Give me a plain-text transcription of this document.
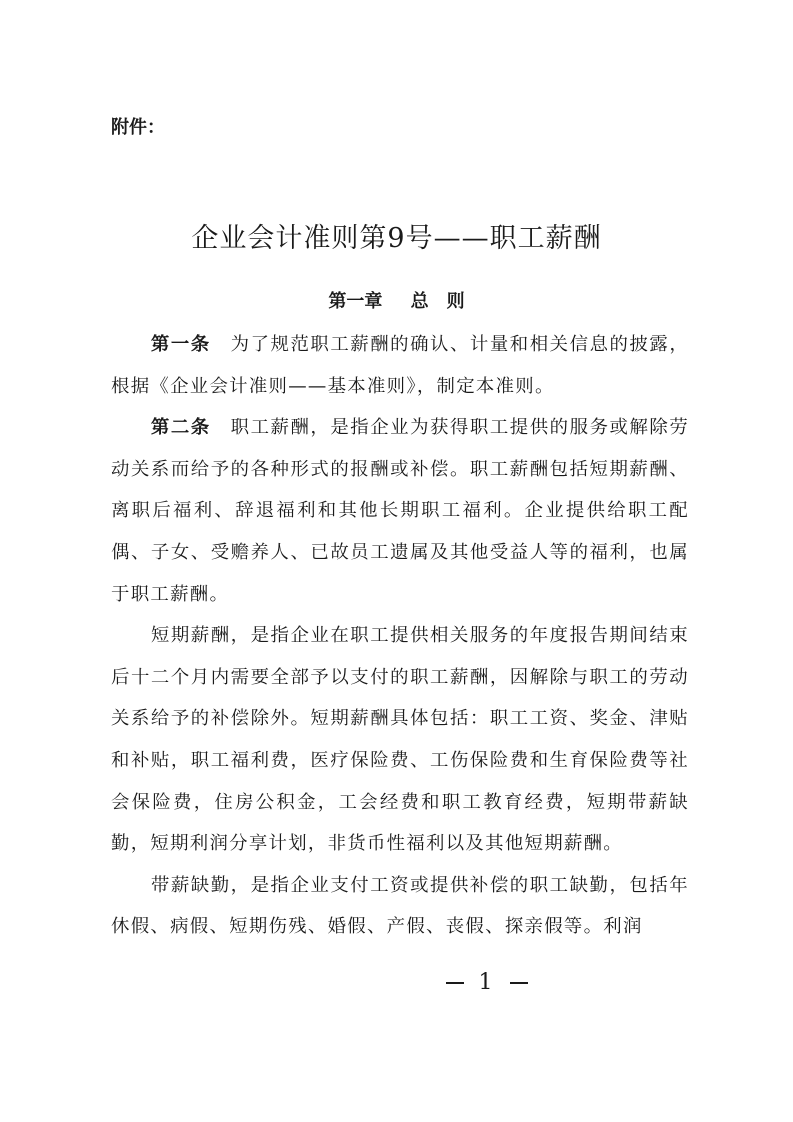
附件：

企业会计准则第9号——职工薪酬
第一章 总　则

　　第一条　 为了规范职工薪酬的确认、计量和相关信息的披露，根据《企业会计准则——基本准则》，制定本准则。

　　第二条　 职工薪酬，是指企业为获得职工提供的服务或解除劳动关系而给予的各种形式的报酬或补偿。职工薪酬包括短期薪酬、离职后福利、辞退福利和其他长期职工福利。企业提供给职工配偶、子女、受赡养人、已故员工遗属及其他受益人等的福利，也属于职工薪酬。

　　短期薪酬，是指企业在职工提供相关服务的年度报告期间结束后十二个月内需要全部予以支付的职工薪酬，因解除与职工的劳动关系给予的补偿除外。短期薪酬具体包括：职工工资、奖金、津贴和补贴，职工福利费，医疗保险费、工伤保险费和生育保险费等社会保险费，住房公积金，工会经费和职工教育经费，短期带薪缺勤，短期利润分享计划，非货币性福利以及其他短期薪酬。

　　带薪缺勤，是指企业支付工资或提供补偿的职工缺勤，包括年休假、病假、短期伤残、婚假、产假、丧假、探亲假等。利润

1
